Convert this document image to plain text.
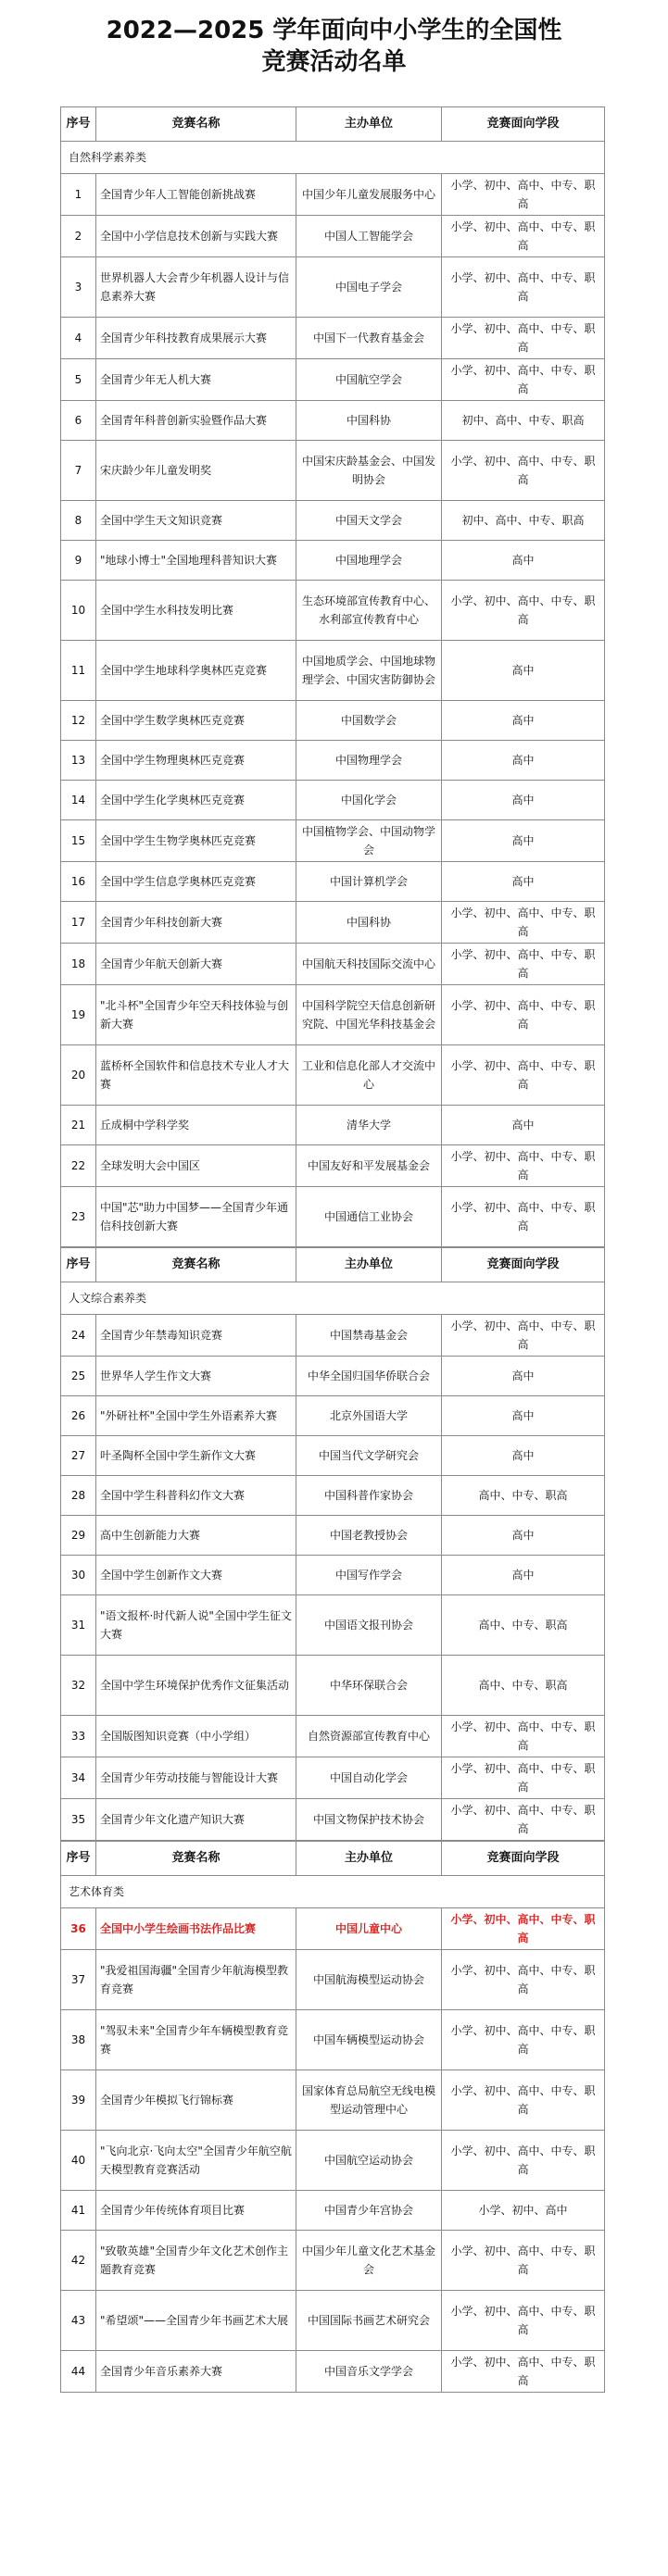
2022—2025 学年面向中小学生的全国性
竞赛活动名单
序号	竞赛名称	主办单位	竞赛面向学段
自然科学素养类			
1	全国青少年人工智能创新挑战赛	中国少年儿童发展服务中心	小学、初中、高中、中专、职高
2	全国中小学信息技术创新与实践大赛	中国人工智能学会	小学、初中、高中、中专、职高
3	世界机器人大会青少年机器人设计与信息素养大赛	中国电子学会	小学、初中、高中、中专、职高
4	全国青少年科技教育成果展示大赛	中国下一代教育基金会	小学、初中、高中、中专、职高
5	全国青少年无人机大赛	中国航空学会	小学、初中、高中、中专、职高
6	全国青年科普创新实验暨作品大赛	中国科协	初中、高中、中专、职高
7	宋庆龄少年儿童发明奖	中国宋庆龄基金会、中国发明协会	小学、初中、高中、中专、职高
8	全国中学生天文知识竞赛	中国天文学会	初中、高中、中专、职高
9	"地球小博士"全国地理科普知识大赛	中国地理学会	高中
10	全国中学生水科技发明比赛	生态环境部宣传教育中心、水利部宣传教育中心	小学、初中、高中、中专、职高
11	全国中学生地球科学奥林匹克竞赛	中国地质学会、中国地球物理学会、中国灾害防御协会	高中
12	全国中学生数学奥林匹克竞赛	中国数学会	高中
13	全国中学生物理奥林匹克竞赛	中国物理学会	高中
14	全国中学生化学奥林匹克竞赛	中国化学会	高中
15	全国中学生生物学奥林匹克竞赛	中国植物学会、中国动物学会	高中
16	全国中学生信息学奥林匹克竞赛	中国计算机学会	高中
17	全国青少年科技创新大赛	中国科协	小学、初中、高中、中专、职高
18	全国青少年航天创新大赛	中国航天科技国际交流中心	小学、初中、高中、中专、职高
19	"北斗杯"全国青少年空天科技体验与创新大赛	中国科学院空天信息创新研究院、中国光华科技基金会	小学、初中、高中、中专、职高
20	蓝桥杯全国软件和信息技术专业人才大赛	工业和信息化部人才交流中心	小学、初中、高中、中专、职高
21	丘成桐中学科学奖	清华大学	高中
22	全球发明大会中国区	中国友好和平发展基金会	小学、初中、高中、中专、职高
23	中国"芯"助力中国梦——全国青少年通信科技创新大赛	中国通信工业协会	小学、初中、高中、中专、职高
序号	竞赛名称	主办单位	竞赛面向学段
人文综合素养类			
24	全国青少年禁毒知识竞赛	中国禁毒基金会	小学、初中、高中、中专、职高
25	世界华人学生作文大赛	中华全国归国华侨联合会	高中
26	"外研社杯"全国中学生外语素养大赛	北京外国语大学	高中
27	叶圣陶杯全国中学生新作文大赛	中国当代文学研究会	高中
28	全国中学生科普科幻作文大赛	中国科普作家协会	高中、中专、职高
29	高中生创新能力大赛	中国老教授协会	高中
30	全国中学生创新作文大赛	中国写作学会	高中
31	"语文报杯·时代新人说"全国中学生征文大赛	中国语文报刊协会	高中、中专、职高
32	全国中学生环境保护优秀作文征集活动	中华环保联合会	高中、中专、职高
33	全国版图知识竞赛（中小学组）	自然资源部宣传教育中心	小学、初中、高中、中专、职高
34	全国青少年劳动技能与智能设计大赛	中国自动化学会	小学、初中、高中、中专、职高
35	全国青少年文化遗产知识大赛	中国文物保护技术协会	小学、初中、高中、中专、职高
序号	竞赛名称	主办单位	竞赛面向学段
艺术体育类			
36	全国中小学生绘画书法作品比赛	中国儿童中心	小学、初中、高中、中专、职高
37	"我爱祖国海疆"全国青少年航海模型教育竞赛	中国航海模型运动协会	小学、初中、高中、中专、职高
38	"驾驭未来"全国青少年车辆模型教育竞赛	中国车辆模型运动协会	小学、初中、高中、中专、职高
39	全国青少年模拟飞行锦标赛	国家体育总局航空无线电模型运动管理中心	小学、初中、高中、中专、职高
40	"飞向北京·飞向太空"全国青少年航空航天模型教育竞赛活动	中国航空运动协会	小学、初中、高中、中专、职高
41	全国青少年传统体育项目比赛	中国青少年宫协会	小学、初中、高中
42	"致敬英雄"全国青少年文化艺术创作主题教育竞赛	中国少年儿童文化艺术基金会	小学、初中、高中、中专、职高
43	"希望颂"——全国青少年书画艺术大展	中国国际书画艺术研究会	小学、初中、高中、中专、职高
44	全国青少年音乐素养大赛	中国音乐文学学会	小学、初中、高中、中专、职高
